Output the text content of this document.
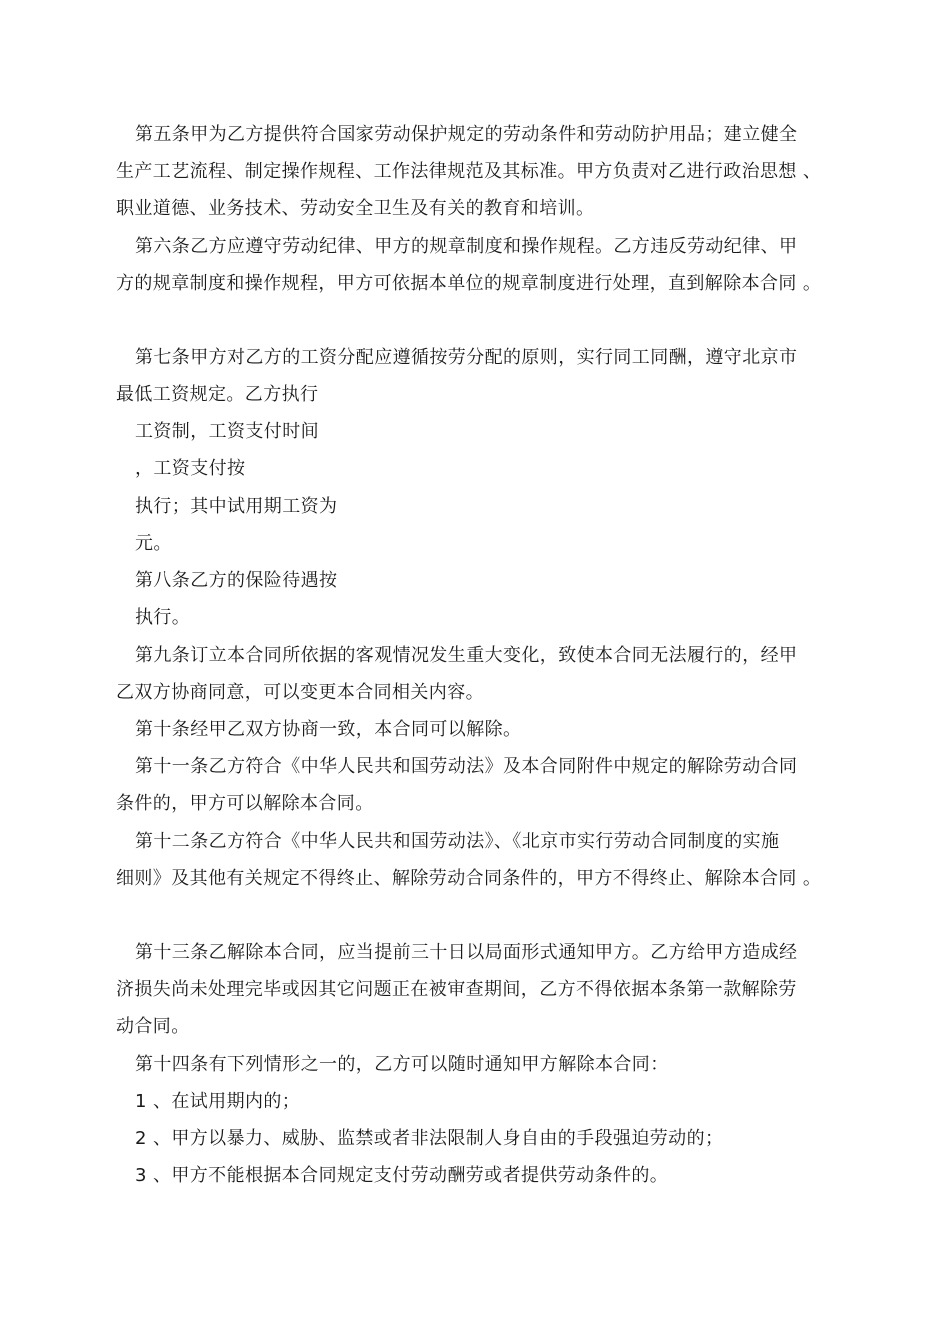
第五条甲为乙方提供符合国家劳动保护规定的劳动条件和劳动防护用品；建立健全
生产工艺流程、制定操作规程、工作法律规范及其标准。甲方负责对乙进行政治思想 、
职业道德、业务技术、劳动安全卫生及有关的教育和培训。
第六条乙方应遵守劳动纪律、甲方的规章制度和操作规程。乙方违反劳动纪律、甲
方的规章制度和操作规程，甲方可依据本单位的规章制度进行处理，直到解除本合同 。
第七条甲方对乙方的工资分配应遵循按劳分配的原则，实行同工同酬，遵守北京市
最低工资规定。乙方执行
工资制，工资支付时间
，工资支付按
执行；其中试用期工资为
元。
第八条乙方的保险待遇按
执行。
第九条订立本合同所依据的客观情况发生重大变化，致使本合同无法履行的，经甲
乙双方协商同意，可以变更本合同相关内容。
第十条经甲乙双方协商一致，本合同可以解除。
第十一条乙方符合《中华人民共和国劳动法》及本合同附件中规定的解除劳动合同
条件的，甲方可以解除本合同。
第十二条乙方符合《中华人民共和国劳动法》、《北京市实行劳动合同制度的实施
细则》及其他有关规定不得终止、解除劳动合同条件的，甲方不得终止、解除本合同 。
第十三条乙解除本合同，应当提前三十日以局面形式通知甲方。乙方给甲方造成经
济损失尚未处理完毕或因其它问题正在被审查期间，乙方不得依据本条第一款解除劳
动合同。
第十四条有下列情形之一的，乙方可以随时通知甲方解除本合同：
1 、在试用期内的；
2 、甲方以暴力、威胁、监禁或者非法限制人身自由的手段强迫劳动的；
3 、甲方不能根据本合同规定支付劳动酬劳或者提供劳动条件的。
